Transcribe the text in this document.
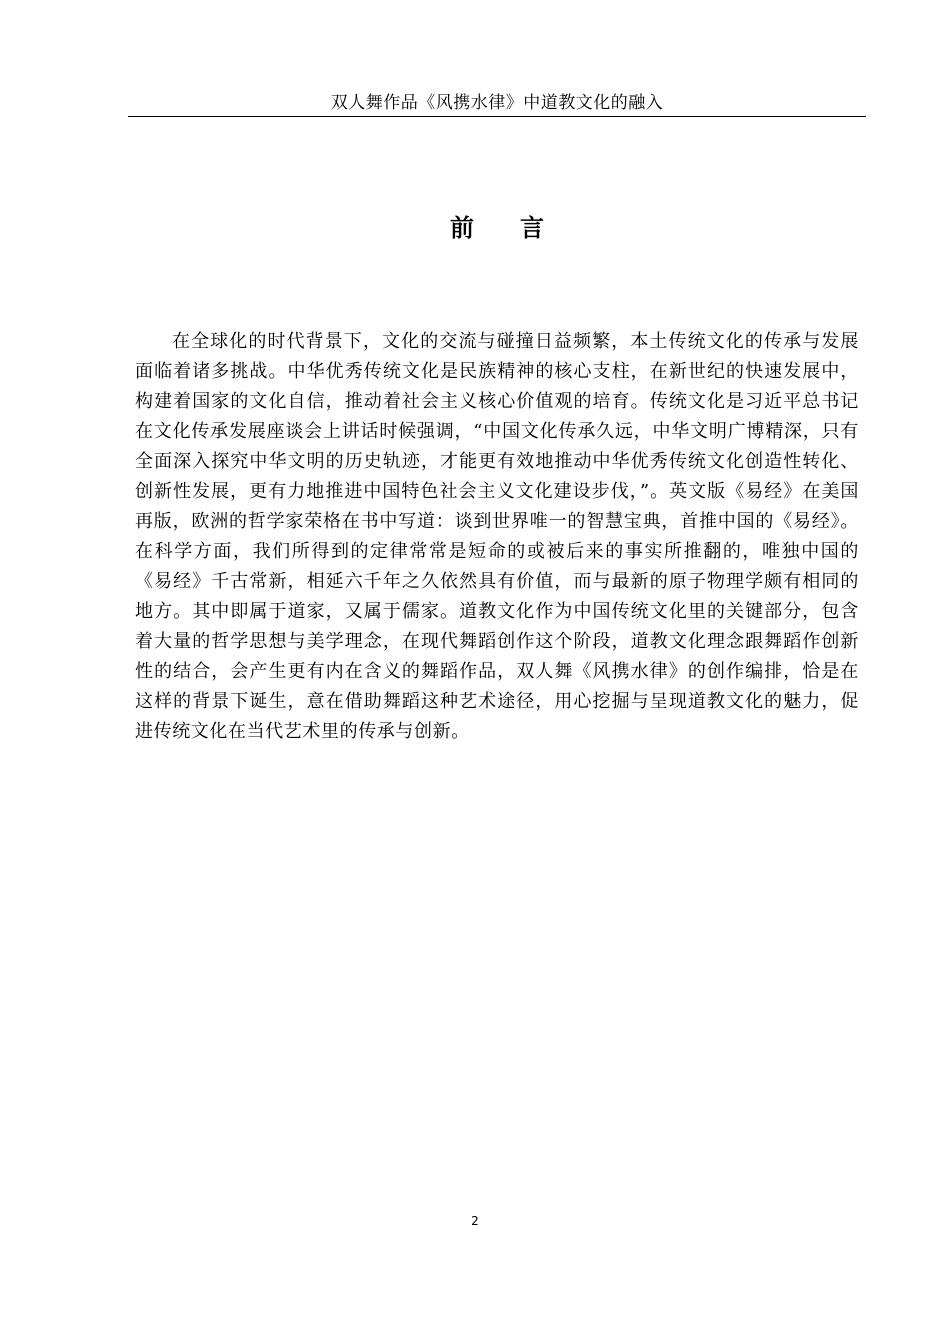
双人舞作品《风携水律》中道教文化的融入
前言

在全球化的时代背景下，文化的交流与碰撞日益频繁，本土传统文化的传承与发展面临着诸多挑战。中华优秀传统文化是民族精神的核心支柱，在新世纪的快速发展中，构建着国家的文化自信，推动着社会主义核心价值观的培育。传统文化是习近平总书记在文化传承发展座谈会上讲话时候强调，“中国文化传承久远，中华文明广博精深，只有全面深入探究中华文明的历史轨迹，才能更有效地推动中华优秀传统文化创造性转化、创新性发展，更有力地推进中国特色社会主义文化建设步伐，”。英文版《易经》在美国再版，欧洲的哲学家荣格在书中写道：谈到世界唯一的智慧宝典，首推中国的《易经》。在科学方面，我们所得到的定律常常是短命的或被后来的事实所推翻的，唯独中国的《易经》千古常新，相延六千年之久依然具有价值，而与最新的原子物理学颇有相同的地方。其中即属于道家，又属于儒家。道教文化作为中国传统文化里的关键部分，包含着大量的哲学思想与美学理念，在现代舞蹈创作这个阶段，道教文化理念跟舞蹈作创新性的结合，会产生更有内在含义的舞蹈作品，双人舞《风携水律》的创作编排，恰是在这样的背景下诞生，意在借助舞蹈这种艺术途径，用心挖掘与呈现道教文化的魅力，促进传统文化在当代艺术里的传承与创新。

2
